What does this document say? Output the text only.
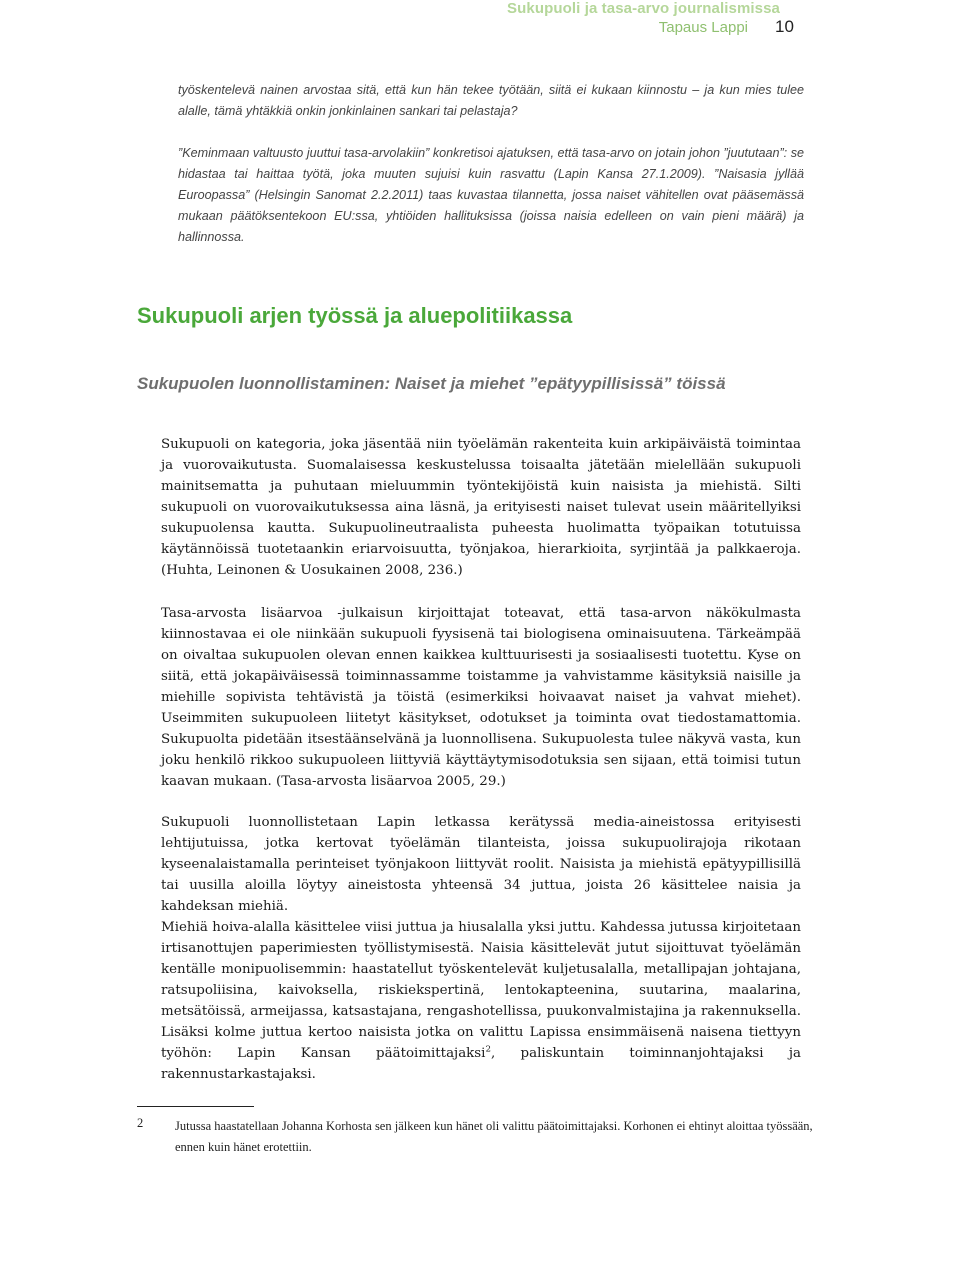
Sukupuoli ja tasa-arvo journalismissa
Tapaus Lappi 10

työskentelevä nainen arvostaa sitä, että kun hän tekee työtään, siitä ei kukaan kiinnostu – ja kun mies tulee alalle, tämä yhtäkkiä onkin jonkinlainen sankari tai pelastaja?

”Keminmaan valtuusto juuttui tasa-arvolakiin” konkretisoi ajatuksen, että tasa-arvo on jotain johon ”juututaan”: se hidastaa tai haittaa työtä, joka muuten sujuisi kuin rasvattu (Lapin Kansa 27.1.2009). ”Naisasia jyllää Euroopassa” (Helsingin Sanomat 2.2.2011) taas kuvastaa tilannetta, jossa naiset vähitellen ovat pääsemässä mukaan päätöksentekoon EU:ssa, yhtiöiden hallituksissa (joissa naisia edelleen on vain pieni määrä) ja hallinnossa.

Sukupuoli arjen työssä ja aluepolitiikassa
Sukupuolen luonnollistaminen: Naiset ja miehet ”epätyypillisissä” töissä

Sukupuoli on kategoria, joka jäsentää niin työelämän rakenteita kuin arkipäiväistä toimintaa ja vuorovaikutusta. Suomalaisessa keskustelussa toisaalta jätetään mielellään sukupuoli mainitsematta ja puhutaan mieluummin työntekijöistä kuin naisista ja miehistä. Silti sukupuoli on vuorovaikutuksessa aina läsnä, ja erityisesti naiset tulevat usein määritellyiksi sukupuolensa kautta. Sukupuolineutraalista puheesta huolimatta työpaikan totutuissa käytännöissä tuotetaankin eriarvoisuutta, työnjakoa, hierarkioita, syrjintää ja palkkaeroja. (Huhta, Leinonen & Uosukainen 2008, 236.)

Tasa-arvosta lisäarvoa -julkaisun kirjoittajat toteavat, että tasa-arvon näkökulmasta kiinnostavaa ei ole niinkään sukupuoli fyysisenä tai biologisena ominaisuutena. Tärkeämpää on oivaltaa sukupuolen olevan ennen kaikkea kulttuurisesti ja sosiaalisesti tuotettu. Kyse on siitä, että jokapäiväisessä toiminnassamme toistamme ja vahvistamme käsityksiä naisille ja miehille sopivista tehtävistä ja töistä (esimerkiksi hoivaavat naiset ja vahvat miehet). Useimmiten sukupuoleen liitetyt käsitykset, odotukset ja toiminta ovat tiedostamattomia. Sukupuolta pidetään itsestäänselvänä ja luonnollisena. Sukupuolesta tulee näkyvä vasta, kun joku henkilö rikkoo sukupuoleen liittyviä käyttäytymisodotuksia sen sijaan, että toimisi tutun kaavan mukaan. (Tasa-arvosta lisäarvoa 2005, 29.)

Sukupuoli luonnollistetaan Lapin letkassa kerätyssä media-aineistossa erityisesti lehtijutuissa, jotka kertovat työelämän tilanteista, joissa sukupuolirajoja rikotaan kyseenalaistamalla perinteiset työnjakoon liittyvät roolit. Naisista ja miehistä epätyypillisillä tai uusilla aloilla löytyy aineistosta yhteensä 34 juttua, joista 26 käsittelee naisia ja kahdeksan miehiä.

Miehiä hoiva-alalla käsittelee viisi juttua ja hiusalalla yksi juttu. Kahdessa jutussa kirjoitetaan irtisanottujen paperimiesten työllistymisestä. Naisia käsittelevät jutut sijoittuvat työelämän kentälle monipuolisemmin: haastatellut työskentelevät kuljetusalalla, metallipajan johtajana, ratsupoliisina, kaivoksella, riskiekspertinä, lentokapteenina, suutarina, maalarina, metsätöissä, armeijassa, katsastajana, rengashotellissa, puukonvalmistajina ja rakennuksella. Lisäksi kolme juttua kertoo naisista jotka on valittu Lapissa ensimmäisenä naisena tiettyyn työhön: Lapin Kansan päätoimittajaksi$^2$, paliskuntain toiminnanjohtajaksi ja rakennustarkastajaksi.

2	Jutussa haastatellaan Johanna Korhosta sen jälkeen kun hänet oli valittu päätoimittajaksi. Korhonen ei ehtinyt aloittaa työssään, ennen kuin hänet erotettiin.
